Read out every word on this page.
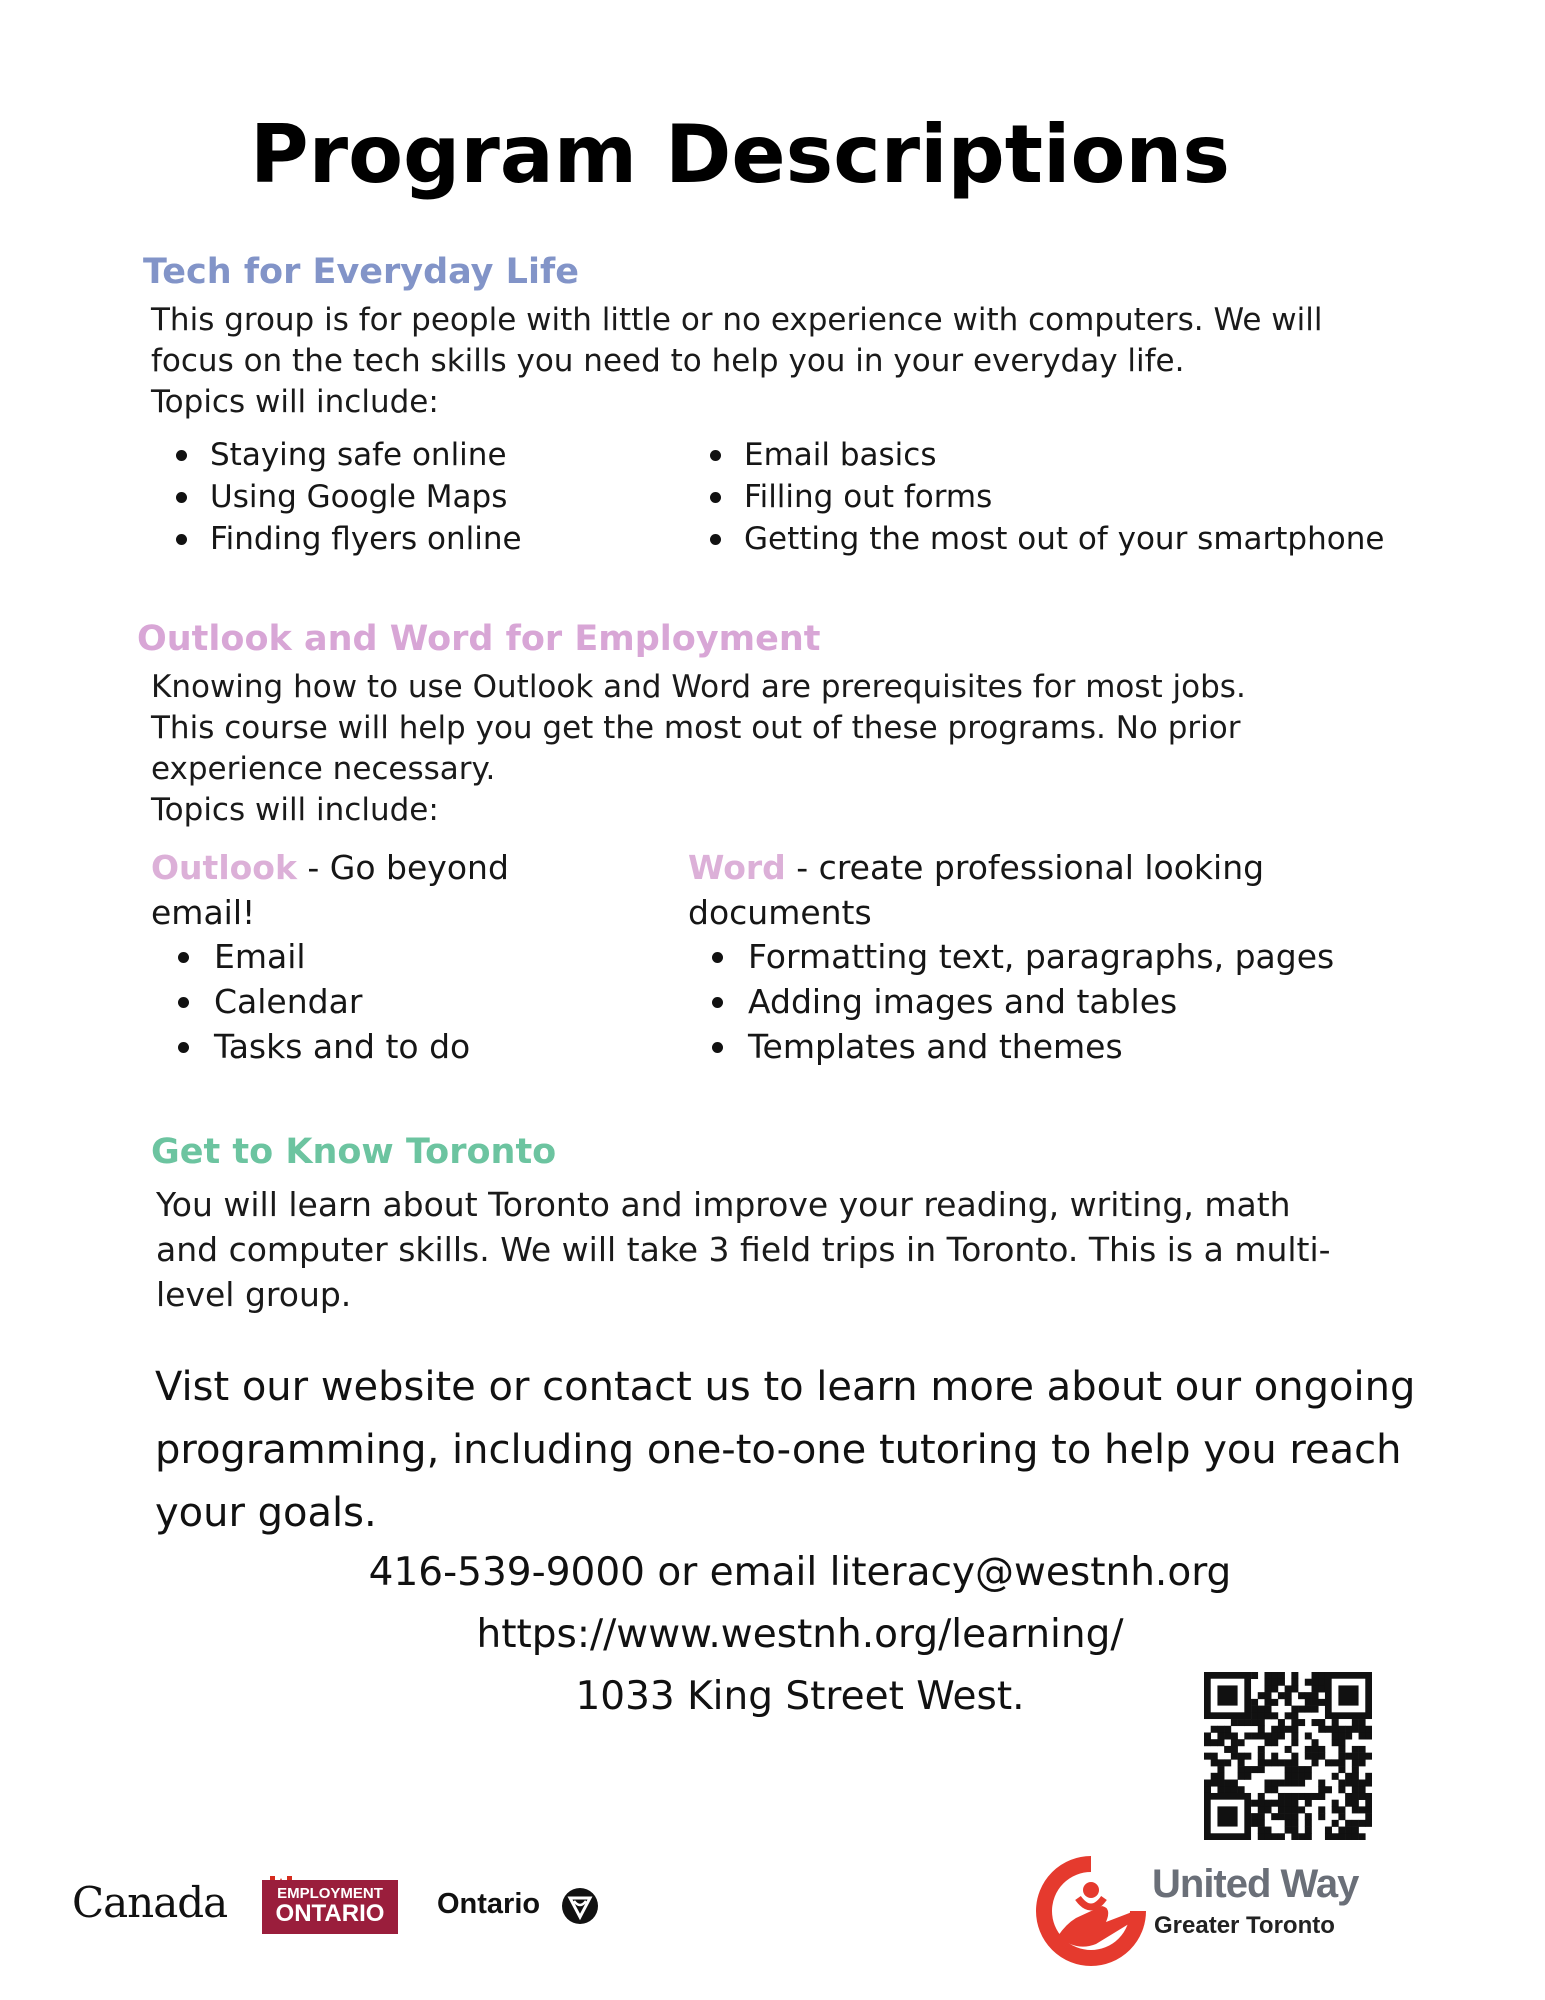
Program Descriptions
Tech for Everyday Life

This group is for people with little or no experience with computers. We will focus on the tech skills you need to help you in your everyday life.

Topics will include:

Staying safe online
Using Google Maps
Finding flyers online
Email basics
Filling out forms
Getting the most out of your smartphone
Outlook and Word for Employment

Knowing how to use Outlook and Word are prerequisites for most jobs. This course will help you get the most out of these programs. No prior experience necessary.

Topics will include:

Outlook - Go beyond email!
Email
Calendar
Tasks and to do
Word - create professional looking documents
Formatting text, paragraphs, pages
Adding images and tables
Templates and themes
Get to Know Toronto

You will learn about Toronto and improve your reading, writing, math and computer skills. We will take 3 field trips in Toronto. This is a multi-level group.

Vist our website or contact us to learn more about our ongoing programming, including one-to-one tutoring to help you reach your goals.

416-539-9000 or email literacy@westnh.org
https://www.westnh.org/learning/
1033 King Street West.
Canada	EMPLOYMENT
ONTARIO	Ontario	United Way
Greater Toronto
